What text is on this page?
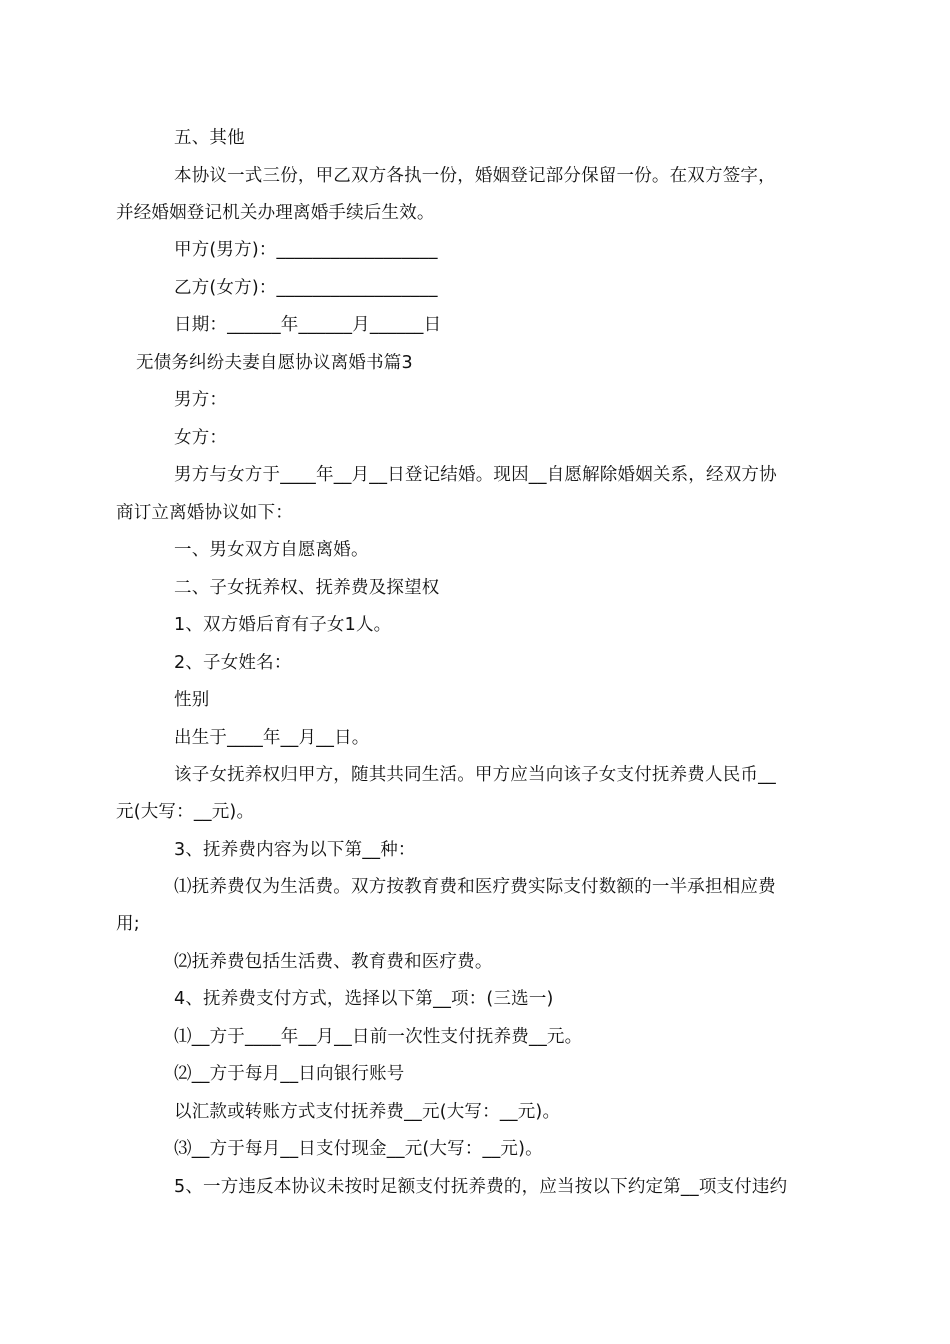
五、其他
本协议一式三份，甲乙双方各执一份，婚姻登记部分保留一份。在双方签字，
并经婚姻登记机关办理离婚手续后生效。
甲方(男方)：__________________
乙方(女方)：__________________
日期：______年______月______日
无债务纠纷夫妻自愿协议离婚书篇3
男方：
女方：
男方与女方于____年__月__日登记结婚。现因__自愿解除婚姻关系，经双方协
商订立离婚协议如下：
一、男女双方自愿离婚。
二、子女抚养权、抚养费及探望权
1、双方婚后育有子女1人。
2、子女姓名：
性别
出生于____年__月__日。
该子女抚养权归甲方，随其共同生活。甲方应当向该子女支付抚养费人民币__
元(大写：__元)。
3、抚养费内容为以下第__种：
⑴抚养费仅为生活费。双方按教育费和医疗费实际支付数额的一半承担相应费
用;
⑵抚养费包括生活费、教育费和医疗费。
4、抚养费支付方式，选择以下第__项：(三选一)
⑴__方于____年__月__日前一次性支付抚养费__元。
⑵__方于每月__日向银行账号
以汇款或转账方式支付抚养费__元(大写：__元)。
⑶__方于每月__日支付现金__元(大写：__元)。
5、一方违反本协议未按时足额支付抚养费的，应当按以下约定第__项支付违约
